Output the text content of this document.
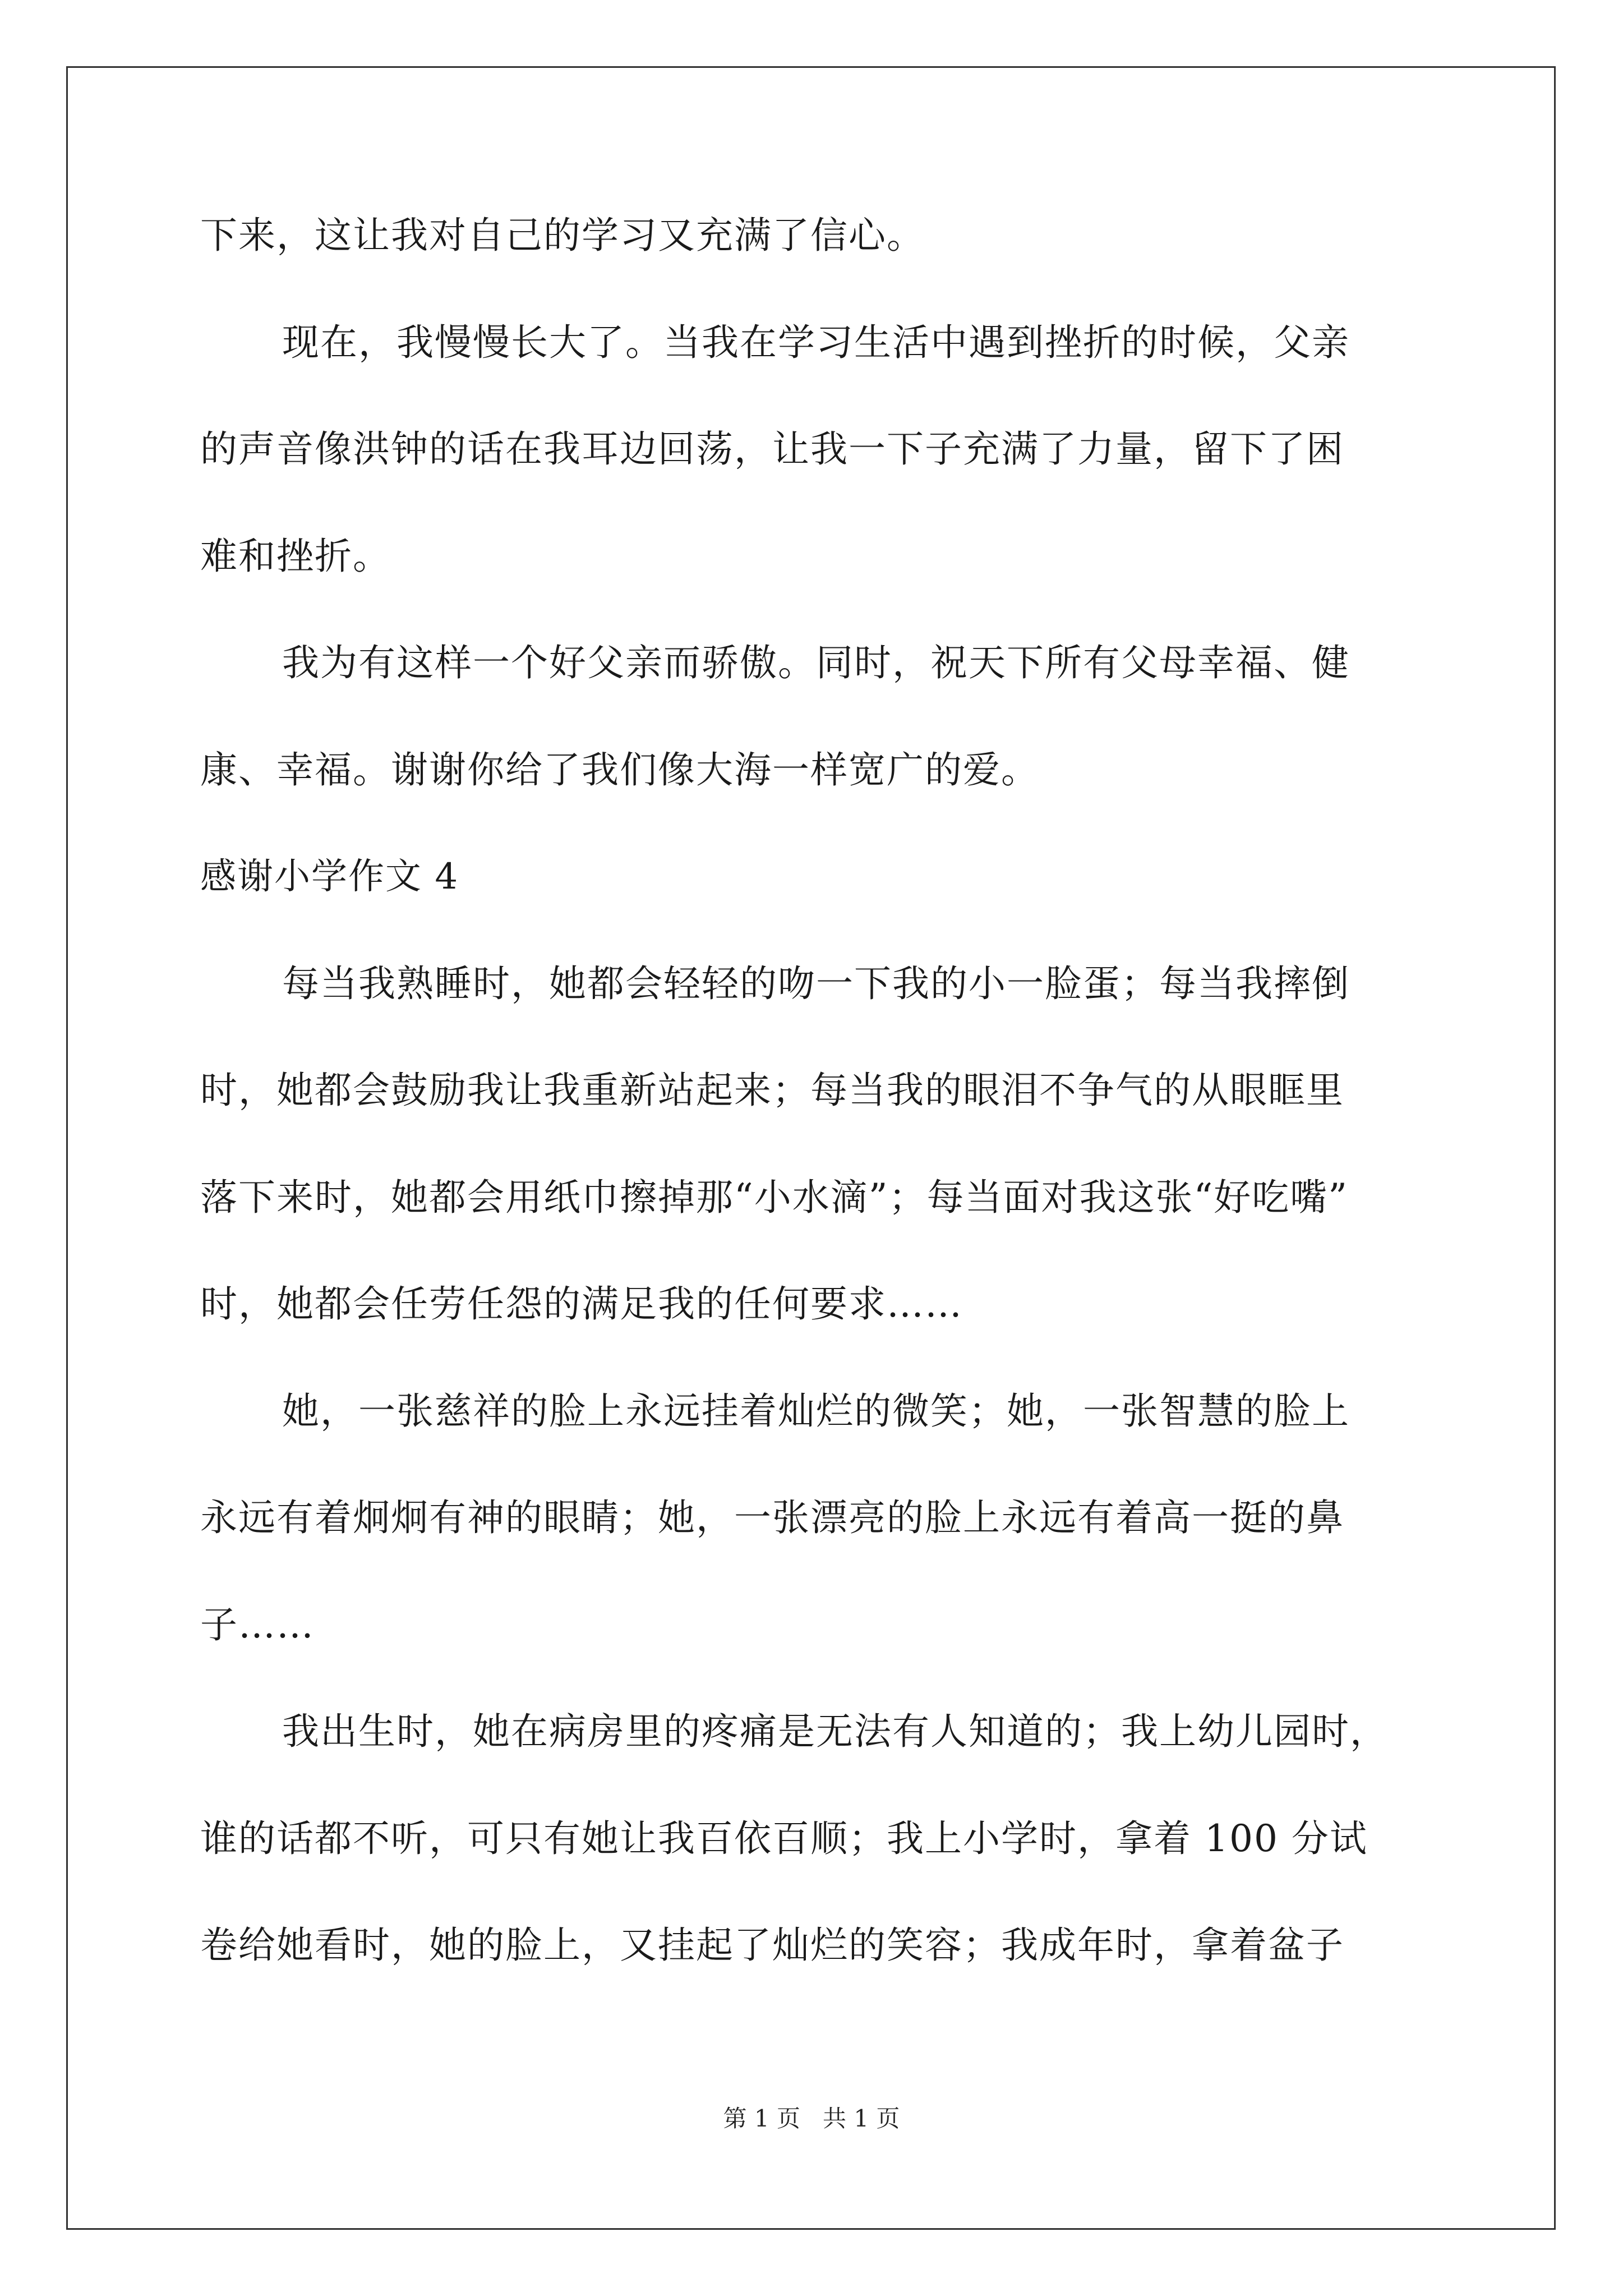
下来，这让我对自己的学习又充满了信心。
现在，我慢慢长大了。当我在学习生活中遇到挫折的时候，父亲
的声音像洪钟的话在我耳边回荡，让我一下子充满了力量，留下了困
难和挫折。
我为有这样一个好父亲而骄傲。同时，祝天下所有父母幸福、健
康、幸福。谢谢你给了我们像大海一样宽广的爱。
感谢小学作文 4
每当我熟睡时，她都会轻轻的吻一下我的小一脸蛋；每当我摔倒
时，她都会鼓励我让我重新站起来；每当我的眼泪不争气的从眼眶里
落下来时，她都会用纸巾擦掉那“小水滴”；每当面对我这张“好吃嘴”
时，她都会任劳任怨的满足我的任何要求……
她，一张慈祥的脸上永远挂着灿烂的微笑；她，一张智慧的脸上
永远有着炯炯有神的眼睛；她，一张漂亮的脸上永远有着高一挺的鼻
子……
我出生时，她在病房里的疼痛是无法有人知道的；我上幼儿园时，
谁的话都不听，可只有她让我百依百顺；我上小学时，拿着 100 分试
卷给她看时，她的脸上，又挂起了灿烂的笑容；我成年时，拿着盆子
第 1 页 共 1 页
